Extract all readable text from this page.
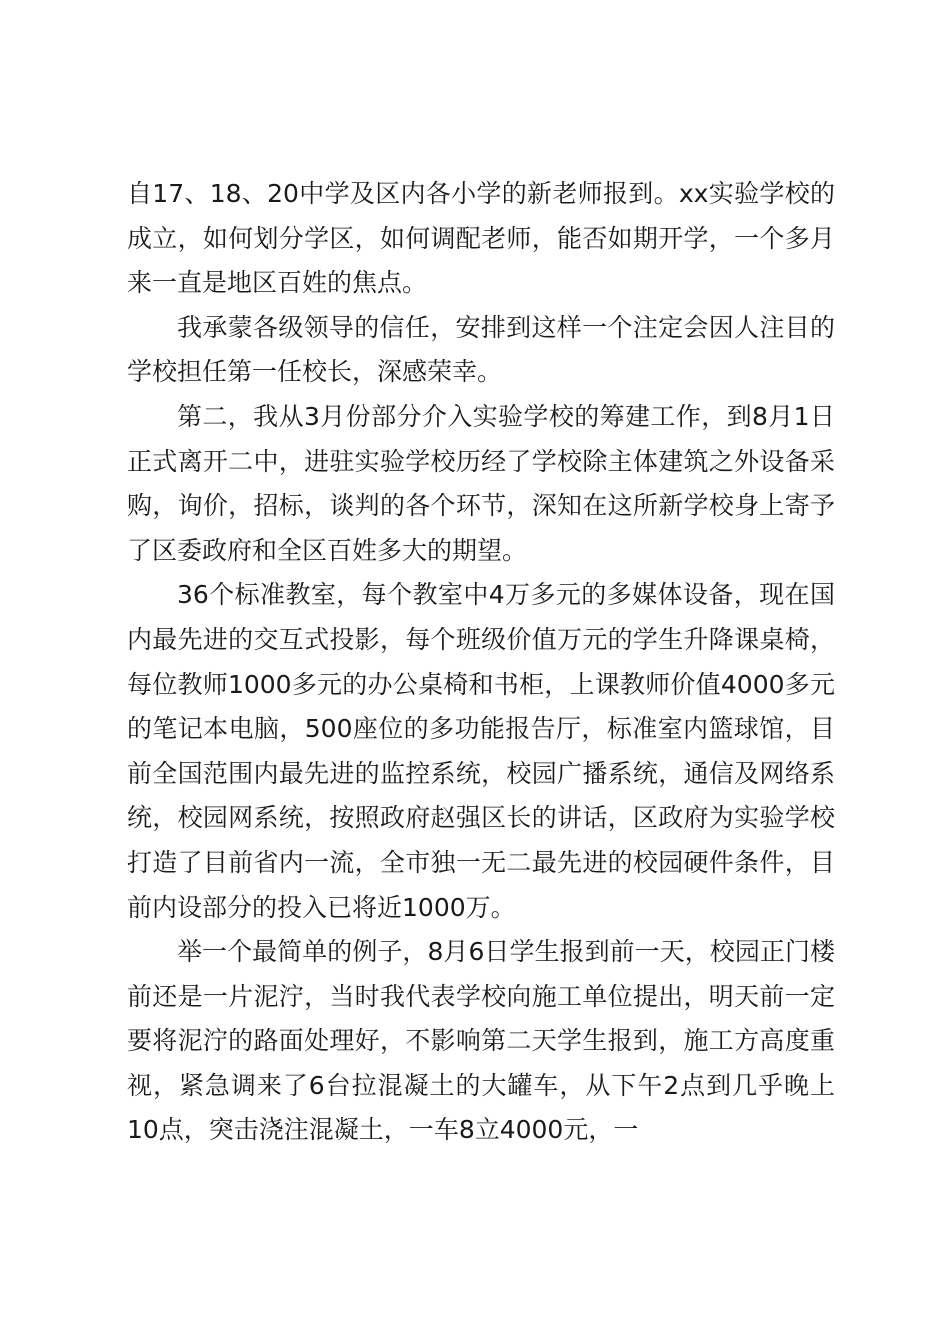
自17、18、20中学及区内各小学的新老师报到。xx实验学校的成立，如何划分学区，如何调配老师，能否如期开学，一个多月来一直是地区百姓的焦点。

我承蒙各级领导的信任，安排到这样一个注定会因人注目的学校担任第一任校长，深感荣幸。

第二，我从3月份部分介入实验学校的筹建工作，到8月1日正式离开二中，进驻实验学校历经了学校除主体建筑之外设备采购，询价，招标，谈判的各个环节，深知在这所新学校身上寄予了区委政府和全区百姓多大的期望。

36个标准教室，每个教室中4万多元的多媒体设备，现在国内最先进的交互式投影，每个班级价值万元的学生升降课桌椅，每位教师1000多元的办公桌椅和书柜，上课教师价值4000多元的笔记本电脑，500座位的多功能报告厅，标准室内篮球馆，目前全国范围内最先进的监控系统，校园广播系统，通信及网络系统，校园网系统，按照政府赵强区长的讲话，区政府为实验学校打造了目前省内一流，全市独一无二最先进的校园硬件条件，目前内设部分的投入已将近1000万。

举一个最简单的例子，8月6日学生报到前一天，校园正门楼前还是一片泥泞，当时我代表学校向施工单位提出，明天前一定要将泥泞的路面处理好，不影响第二天学生报到，施工方高度重视，紧急调来了6台拉混凝土的大罐车，从下午2点到几乎晚上10点，突击浇注混凝土，一车8立4000元，一
